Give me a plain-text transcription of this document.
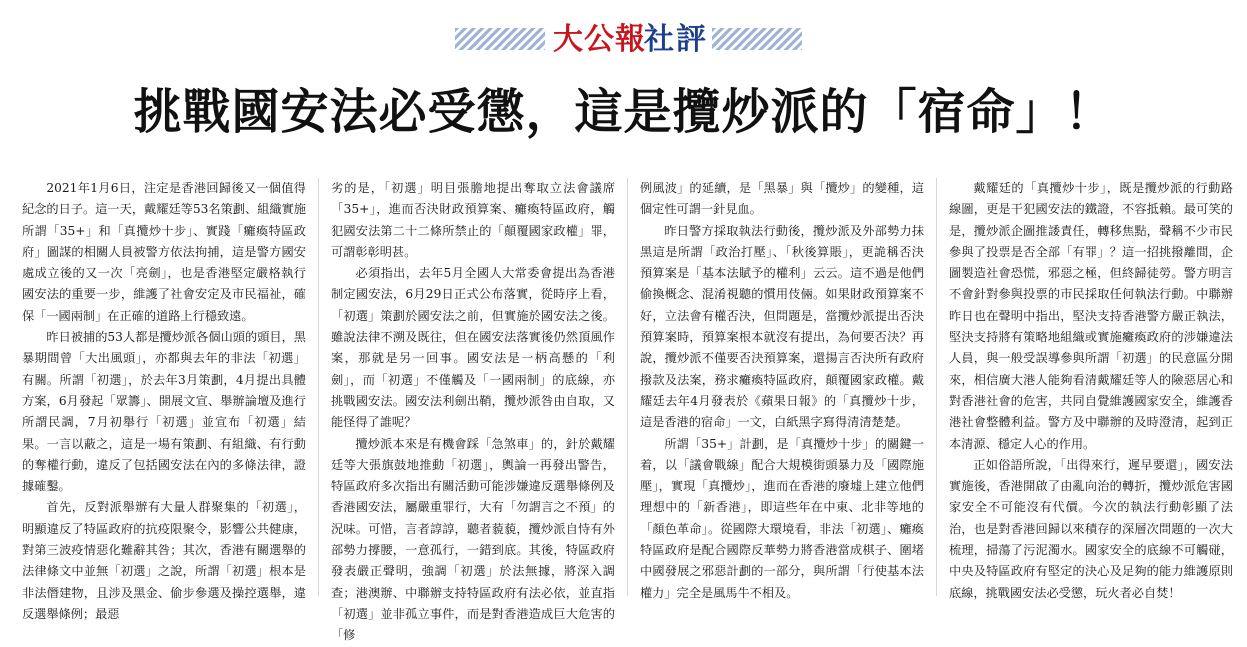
大公報
社評
挑戰國安法必受懲，這是攬炒派的「宿命」！

2021年1月6日，注定是香港回歸後又一個值得紀念的日子。這一天，戴耀廷等53名策劃、組織實施所謂「35+」和「真攬炒十步」、實踐「癱瘓特區政府」圖謀的相關人員被警方依法拘捕，這是警方國安處成立後的又一次「亮劍」，也是香港堅定嚴格執行國安法的重要一步，維護了社會安定及市民福祉，確保「一國兩制」在正確的道路上行穩致遠。

昨日被捕的53人都是攬炒派各個山頭的頭目，黑暴期間曾「大出風頭」，亦都與去年的非法「初選」有關。所謂「初選」，於去年3月策劃，4月提出具體方案，6月發起「眾籌」、開展文宣、舉辦論壇及進行所謂民調，7月初舉行「初選」並宣布「初選」結果。一言以蔽之，這是一場有策劃、有組織、有行動的奪權行動，違反了包括國安法在內的多條法律，證據確鑿。

首先，反對派舉辦有大量人群聚集的「初選」，明顯違反了特區政府的抗疫限聚令，影響公共健康，對第三波疫情惡化難辭其咎；其次，香港有關選舉的法律條文中並無「初選」之說，所謂「初選」根本是非法僭建物，且涉及黑金、偷步參選及操控選舉，違反選舉條例；最惡

劣的是，「初選」明目張膽地提出奪取立法會議席「35+」，進而否決財政預算案、癱瘓特區政府，觸犯國安法第二十二條所禁止的「顛覆國家政權」罪，可謂彰彰明甚。

必須指出，去年5月全國人大常委會提出為香港制定國安法，6月29日正式公布落實，從時序上看，「初選」策劃於國安法之前，但實施於國安法之後。雖說法律不溯及既往，但在國安法落實後仍然頂風作案，那就是另一回事。國安法是一柄高懸的「利劍」，而「初選」不僅觸及「一國兩制」的底線，亦挑戰國安法。國安法利劍出鞘，攬炒派咎由自取，又能怪得了誰呢？

攬炒派本來是有機會踩「急煞車」的，針於戴耀廷等大張旗鼓地推動「初選」，輿論一再發出警告，特區政府多次指出有關活動可能涉嫌違反選舉條例及香港國安法，屬嚴重罪行，大有「勿謂言之不預」的況味。可惜，言者諄諄，聽者藐藐，攬炒派自恃有外部勢力撐腰，一意孤行，一錯到底。其後，特區政府發表嚴正聲明，強調「初選」於法無據，將深入調查；港澳辦、中聯辦支持特區政府有法必依，並直指「初選」並非孤立事件，而是對香港造成巨大危害的「修

例風波」的延續，是「黑暴」與「攬炒」的變種，這個定性可謂一針見血。

昨日警方採取執法行動後，攬炒派及外部勢力抹黑這是所謂「政治打壓」、「秋後算賬」，更詭稱否決預算案是「基本法賦予的權利」云云。這不過是他們偷換概念、混淆視聽的慣用伎倆。如果財政預算案不好，立法會有權否決，但問題是，當攬炒派提出否決預算案時，預算案根本就沒有提出，為何要否決？再說，攬炒派不僅要否決預算案，還揚言否決所有政府撥款及法案，務求癱瘓特區政府，顛覆國家政權。戴耀廷去年4月發表於《蘋果日報》的「真攬炒十步，這是香港的宿命」一文，白紙黑字寫得清清楚楚。

所謂「35+」計劃，是「真攬炒十步」的關鍵一着，以「議會戰線」配合大規模街頭暴力及「國際施壓」，實現「真攬炒」，進而在香港的廢墟上建立他們理想中的「新香港」，即這些年在中東、北非等地的「顏色革命」。從國際大環境看，非法「初選」、癱瘓特區政府是配合國際反華勢力將香港當成棋子、圍堵中國發展之邪惡計劃的一部分，與所謂「行使基本法權力」完全是風馬牛不相及。

戴耀廷的「真攬炒十步」，既是攬炒派的行動路線圖，更是干犯國安法的鐵證，不容抵賴。最可笑的是，攬炒派企圖推諉責任，轉移焦點，聲稱不少市民參與了投票是否全部「有罪」？這一招挑撥離間，企圖製造社會恐慌，邪惡之極，但終歸徒勞。警方明言不會針對參與投票的市民採取任何執法行動。中聯辦昨日也在聲明中指出，堅決支持香港警方嚴正執法，堅決支持將有策略地組織或實施癱瘓政府的涉嫌違法人員，與一般受誤導參與所謂「初選」的民意區分開來，相信廣大港人能夠看清戴耀廷等人的險惡居心和對香港社會的危害，共同自覺維護國家安全，維護香港社會整體利益。警方及中聯辦的及時澄清，起到正本清源、穩定人心的作用。

正如俗語所說，「出得來行，遲早要還」，國安法實施後，香港開啟了由亂向治的轉折，攬炒派危害國家安全不可能沒有代價。今次的執法行動彰顯了法治，也是對香港回歸以來積存的深層次問題的一次大梳理，掃蕩了污泥濁水。國家安全的底線不可觸碰，中央及特區政府有堅定的決心及足夠的能力維護原則底線，挑戰國安法必受懲，玩火者必自焚！
